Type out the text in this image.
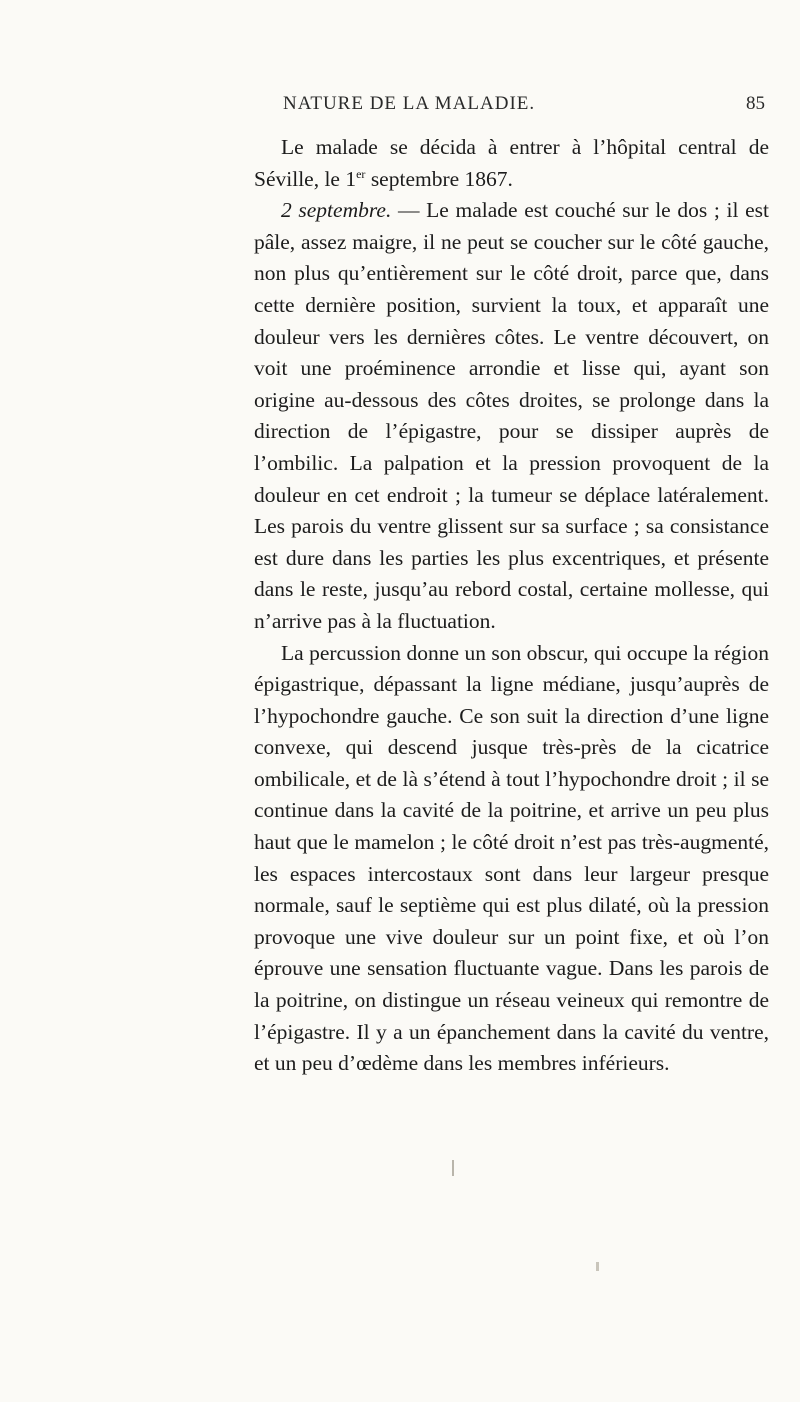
NATURE DE LA MALADIE.	85

Le malade se décida à entrer à l’hôpital central de Séville, le 1er septembre 1867.

2 septembre. — Le malade est couché sur le dos ; il est pâle, assez maigre, il ne peut se coucher sur le côté gauche, non plus qu’entièrement sur le côté droit, parce que, dans cette dernière position, survient la toux, et apparaît une douleur vers les dernières côtes. Le ventre découvert, on voit une proéminence arrondie et lisse qui, ayant son origine au-dessous des côtes droites, se prolonge dans la direction de l’épigastre, pour se dissiper auprès de l’ombilic. La palpation et la pression provoquent de la douleur en cet endroit ; la tumeur se déplace latéralement. Les parois du ventre glissent sur sa surface ; sa consistance est dure dans les parties les plus excentriques, et présente dans le reste, jusqu’au rebord costal, certaine mollesse, qui n’arrive pas à la fluctuation.

La percussion donne un son obscur, qui occupe la région épigastrique, dépassant la ligne médiane, jusqu’auprès de l’hypochondre gauche. Ce son suit la direction d’une ligne convexe, qui descend jusque très-près de la cicatrice ombilicale, et de là s’étend à tout l’hypochondre droit ; il se continue dans la cavité de la poitrine, et arrive un peu plus haut que le mamelon ; le côté droit n’est pas très-augmenté, les espaces intercostaux sont dans leur largeur presque normale, sauf le septième qui est plus dilaté, où la pression provoque une vive douleur sur un point fixe, et où l’on éprouve une sensation fluctuante vague. Dans les parois de la poitrine, on distingue un réseau veineux qui remontre de l’épigastre. Il y a un épanchement dans la cavité du ventre, et un peu d’œdème dans les membres inférieurs.
